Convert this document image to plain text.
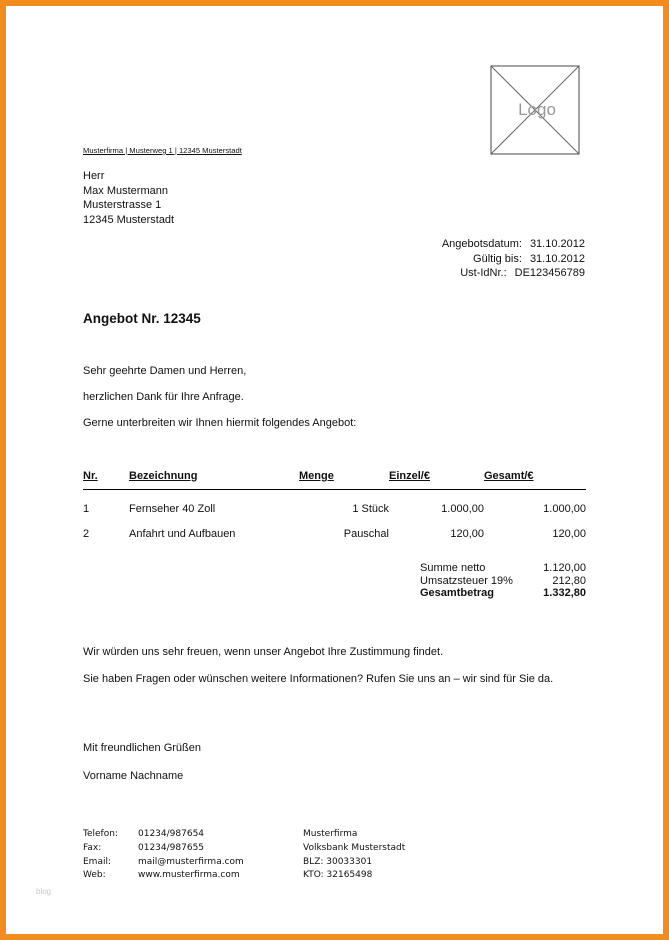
Musterfirma | Musterweg 1 | 12345 Musterstadt
Logo
Herr
Max Mustermann
Musterstrasse 1
12345 Musterstadt
Angebotsdatum: 31.10.2012
Gültig bis: 31.10.2012
Ust-IdNr.: DE123456789
Angebot Nr. 12345
Sehr geehrte Damen und Herren,
herzlichen Dank für Ihre Anfrage.
Gerne unterbreiten wir Ihnen hiermit folgendes Angebot:
Nr.	Bezeichnung	Menge	Einzel/€	Gesamt/€
1	Fernseher 40 Zoll	1 Stück	1.000,00	1.000,00
2	Anfahrt und Aufbauen	Pauschal	120,00	120,00
Summe netto	1.120,00
Umsatzsteuer 19%	212,80
Gesamtbetrag	1.332,80
Wir würden uns sehr freuen, wenn unser Angebot Ihre Zustimmung findet.
Sie haben Fragen oder wünschen weitere Informationen? Rufen Sie uns an – wir sind für Sie da.
Mit freundlichen Grüßen
Vorname Nachname
Telefon: 01234/987654
Fax:	01234/987655
Email:	mail@musterfirma.com
Web:	www.musterfirma.com
Musterfirma
Volksbank Musterstadt
BLZ: 30033301
KTO: 32165498
blog
